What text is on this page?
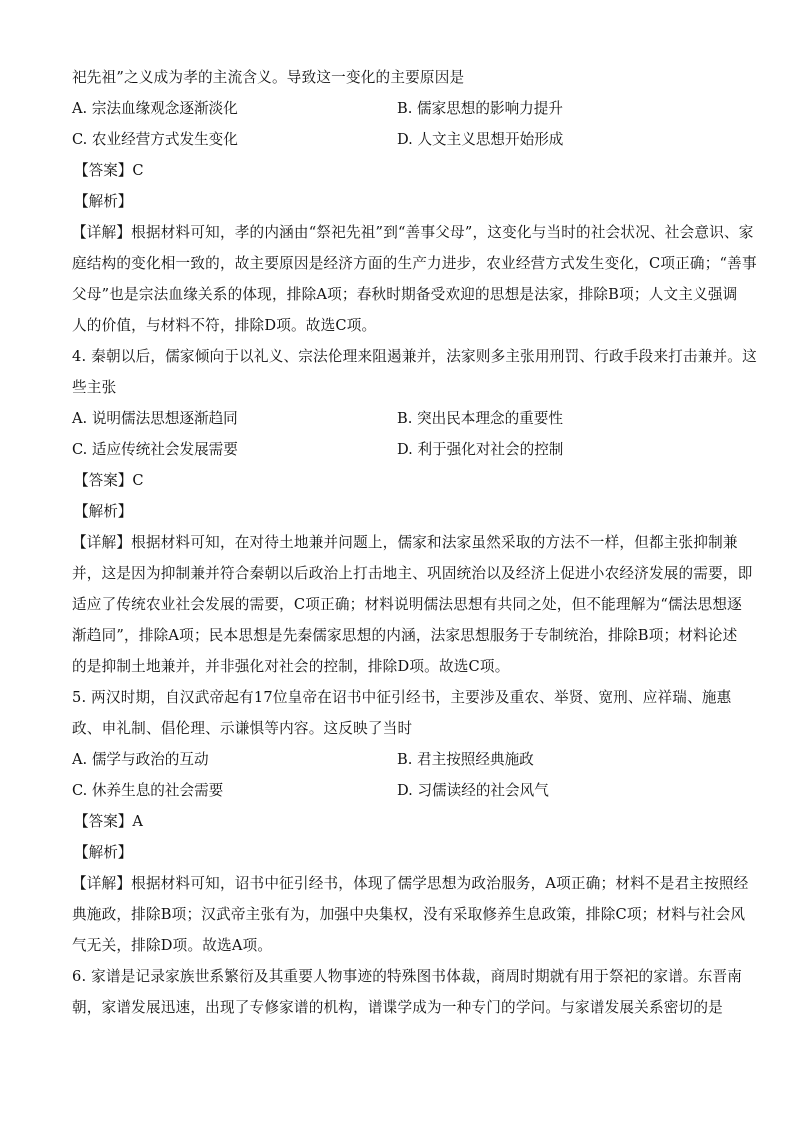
祀先祖”之义成为孝的主流含义。导致这一变化的主要原因是
A. 宗法血缘观念逐渐淡化	B. 儒家思想的影响力提升
C. 农业经营方式发生变化	D. 人文主义思想开始形成
【答案】C
【解析】
【详解】根据材料可知，孝的内涵由“祭祀先祖”到“善事父母”，这变化与当时的社会状况、社会意识、家
庭结构的变化相一致的，故主要原因是经济方面的生产力进步，农业经营方式发生变化，C项正确；“善事
父母”也是宗法血缘关系的体现，排除A项；春秋时期备受欢迎的思想是法家，排除B项；人文主义强调
人的价值，与材料不符，排除D项。故选C项。
4. 秦朝以后，儒家倾向于以礼义、宗法伦理来阻遏兼并，法家则多主张用刑罚、行政手段来打击兼并。这
些主张
A. 说明儒法思想逐渐趋同	B. 突出民本理念的重要性
C. 适应传统社会发展需要	D. 利于强化对社会的控制
【答案】C
【解析】
【详解】根据材料可知，在对待土地兼并问题上，儒家和法家虽然采取的方法不一样，但都主张抑制兼
并，这是因为抑制兼并符合秦朝以后政治上打击地主、巩固统治以及经济上促进小农经济发展的需要，即
适应了传统农业社会发展的需要，C项正确；材料说明儒法思想有共同之处，但不能理解为“儒法思想逐
渐趋同”，排除A项；民本思想是先秦儒家思想的内涵，法家思想服务于专制统治，排除B项；材料论述
的是抑制土地兼并，并非强化对社会的控制，排除D项。故选C项。
5. 两汉时期，自汉武帝起有17位皇帝在诏书中征引经书，主要涉及重农、举贤、宽刑、应祥瑞、施惠
政、申礼制、倡伦理、示谦惧等内容。这反映了当时
A. 儒学与政治的互动	B. 君主按照经典施政
C. 休养生息的社会需要	D. 习儒读经的社会风气
【答案】A
【解析】
【详解】根据材料可知，诏书中征引经书，体现了儒学思想为政治服务，A项正确；材料不是君主按照经
典施政，排除B项；汉武帝主张有为，加强中央集权，没有采取修养生息政策，排除C项；材料与社会风
气无关，排除D项。故选A项。
6. 家谱是记录家族世系繁衍及其重要人物事迹的特殊图书体裁，商周时期就有用于祭祀的家谱。东晋南
朝，家谱发展迅速，出现了专修家谱的机构，谱谍学成为一种专门的学问。与家谱发展关系密切的是
